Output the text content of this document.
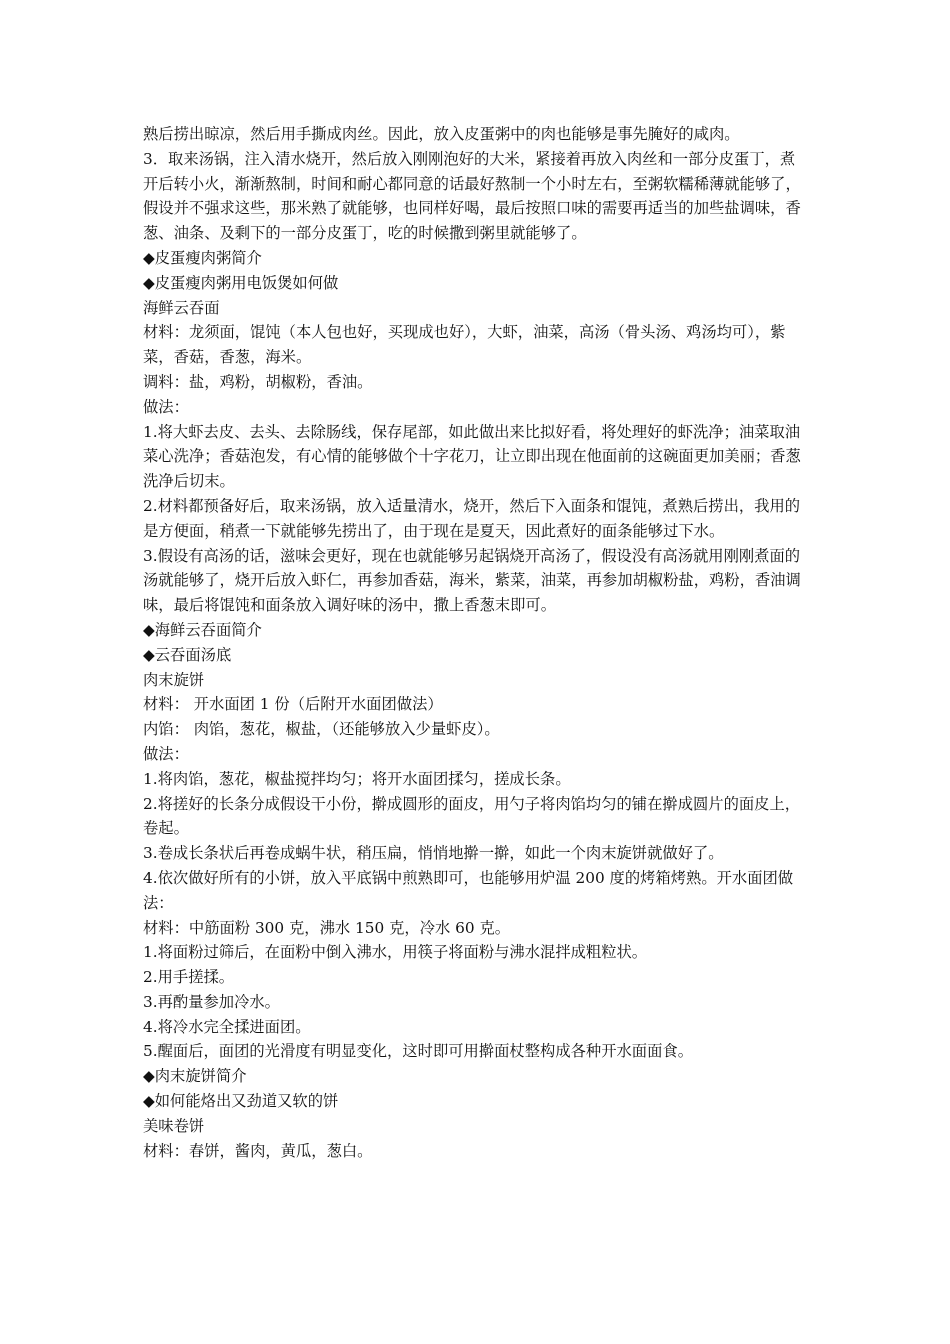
熟后捞出晾凉，然后用手撕成肉丝。因此，放入皮蛋粥中的肉也能够是事先腌好的咸肉。

3．取来汤锅，注入清水烧开，然后放入刚刚泡好的大米，紧接着再放入肉丝和一部分皮蛋丁，煮开后转小火，渐渐熬制，时间和耐心都同意的话最好熬制一个小时左右，至粥软糯稀薄就能够了，假设并不强求这些，那米熟了就能够，也同样好喝，最后按照口味的需要再适当的加些盐调味，香葱、油条、及剩下的一部分皮蛋丁，吃的时候撒到粥里就能够了。

◆皮蛋瘦肉粥简介

◆皮蛋瘦肉粥用电饭煲如何做

海鲜云吞面

材料：龙须面，馄饨（本人包也好，买现成也好），大虾，油菜，高汤（骨头汤、鸡汤均可），紫菜，香菇，香葱，海米。

调料：盐，鸡粉，胡椒粉，香油。

做法：

1.将大虾去皮、去头、去除肠线，保存尾部，如此做出来比拟好看，将处理好的虾洗净；油菜取油菜心洗净；香菇泡发，有心情的能够做个十字花刀，让立即出现在他面前的这碗面更加美丽；香葱洗净后切末。

2.材料都预备好后，取来汤锅，放入适量清水，烧开，然后下入面条和馄饨，煮熟后捞出，我用的是方便面，稍煮一下就能够先捞出了，由于现在是夏天，因此煮好的面条能够过下水。

3.假设有高汤的话，滋味会更好，现在也就能够另起锅烧开高汤了，假设没有高汤就用刚刚煮面的汤就能够了，烧开后放入虾仁，再参加香菇，海米，紫菜，油菜，再参加胡椒粉盐，鸡粉，香油调味，最后将馄饨和面条放入调好味的汤中，撒上香葱末即可。

◆海鲜云吞面简介

◆云吞面汤底

肉末旋饼

材料： 开水面团 1 份（后附开水面团做法）

内馅： 肉馅，葱花，椒盐，（还能够放入少量虾皮）。

做法：

1.将肉馅，葱花，椒盐搅拌均匀；将开水面团揉匀，搓成长条。

2.将搓好的长条分成假设干小份，擀成圆形的面皮，用勺子将肉馅均匀的铺在擀成圆片的面皮上，卷起。

3.卷成长条状后再卷成蜗牛状，稍压扁，悄悄地擀一擀，如此一个肉末旋饼就做好了。

4.依次做好所有的小饼，放入平底锅中煎熟即可，也能够用炉温 200 度的烤箱烤熟。开水面团做法：

材料：中筋面粉 300 克，沸水 150 克，冷水 60 克。

1.将面粉过筛后，在面粉中倒入沸水，用筷子将面粉与沸水混拌成粗粒状。

2.用手搓揉。

3.再酌量参加冷水。

4.将冷水完全揉进面团。

5.醒面后，面团的光滑度有明显变化，这时即可用擀面杖整构成各种开水面面食。

◆肉末旋饼简介

◆如何能烙出又劲道又软的饼

美味卷饼

材料：春饼，酱肉，黄瓜，葱白。
